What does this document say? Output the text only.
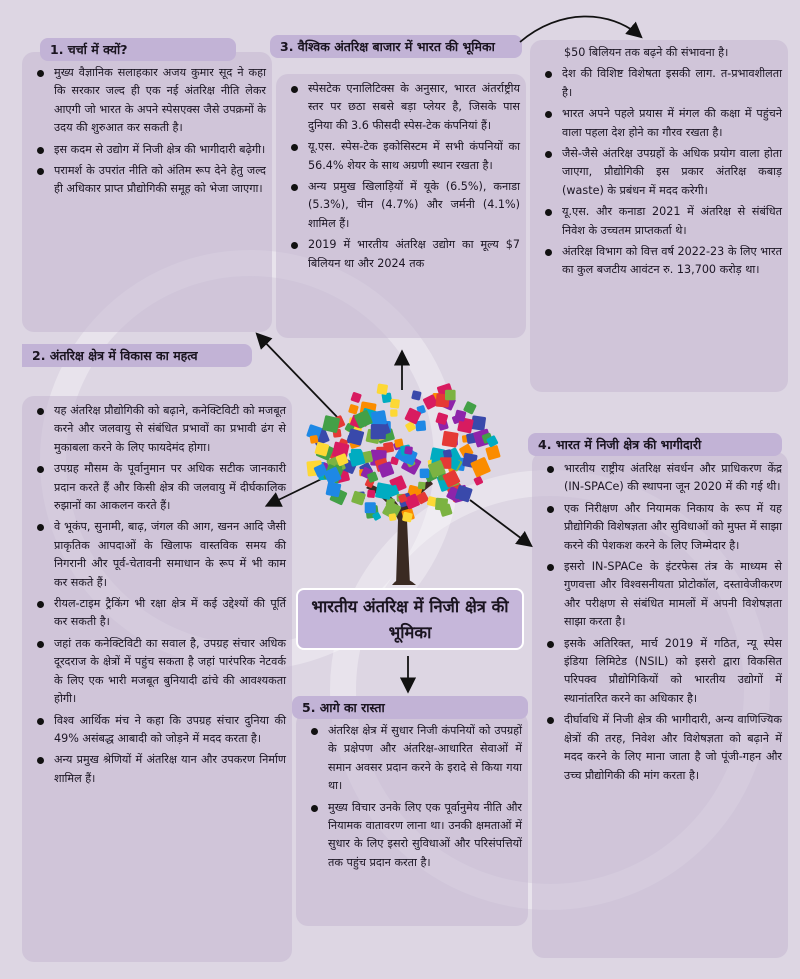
मुख्य वैज्ञानिक सलाहकार अजय कुमार सूद ने कहा कि सरकार जल्द ही एक नई अंतरिक्ष नीति लेकर आएगी जो भारत के अपने स्पेसएक्स जैसे उपक्रमों के उदय की शुरुआत कर सकती है।
इस कदम से उद्योग में निजी क्षेत्र की भागीदारी बढ़ेगी।
परामर्श के उपरांत नीति को अंतिम रूप देने हेतु जल्द ही अधिकार प्राप्त प्रौद्योगिकी समूह को भेजा जाएगा।
1. चर्चा में क्यों?
यह अंतरिक्ष प्रौद्योगिकी को बढ़ाने, कनेक्टिविटी को मजबूत करने और जलवायु से संबंधित प्रभावों का प्रभावी ढंग से मुकाबला करने के लिए फायदेमंद होगा।
उपग्रह मौसम के पूर्वानुमान पर अधिक सटीक जानकारी प्रदान करते हैं और किसी क्षेत्र की जलवायु में दीर्घकालिक रुझानों का आकलन करते हैं।
वे भूकंप, सुनामी, बाढ़, जंगल की आग, खनन आदि जैसी प्राकृतिक आपदाओं के खिलाफ वास्तविक समय की निगरानी और पूर्व-चेतावनी समाधान के रूप में भी काम कर सकते हैं।
रीयल-टाइम ट्रैकिंग भी रक्षा क्षेत्र में कई उद्देश्यों की पूर्ति कर सकती है।
जहां तक कनेक्टिविटी का सवाल है, उपग्रह संचार अधिक दूरदराज के क्षेत्रों में पहुंच सकता है जहां पारंपरिक नेटवर्क के लिए एक भारी मजबूत बुनियादी ढांचे की आवश्यकता होगी।
विश्व आर्थिक मंच ने कहा कि उपग्रह संचार दुनिया की 49% असंबद्ध आबादी को जोड़ने में मदद करता है।
अन्य प्रमुख श्रेणियों में अंतरिक्ष यान और उपकरण निर्माण शामिल हैं।
2. अंतरिक्ष क्षेत्र में विकास का महत्व
स्पेसटेक एनालिटिक्स के अनुसार, भारत अंतर्राष्ट्रीय स्तर पर छठा सबसे बड़ा प्लेयर है, जिसके पास दुनिया की 3.6 फीसदी स्पेस-टेक कंपनियां हैं।
यू.एस. स्पेस-टेक इकोसिस्टम में सभी कंपनियों का 56.4% शेयर के साथ अग्रणी स्थान रखता है।
अन्य प्रमुख खिलाड़ियों में यूके (6.5%), कनाडा (5.3%), चीन (4.7%) और जर्मनी (4.1%) शामिल हैं।
2019 में भारतीय अंतरिक्ष उद्योग का मूल्य $7 बिलियन था और 2024 तक
3. वैश्विक अंतरिक्ष बाजार में भारत की भूमिका	$50 बिलियन तक बढ़ने की संभावना है।

देश की विशिष्ट विशेषता इसकी लाग. त-प्रभावशीलता है।
भारत अपने पहले प्रयास में मंगल की कक्षा में पहुंचने वाला पहला देश होने का गौरव रखता है।
जैसे-जैसे अंतरिक्ष उपग्रहों के अधिक प्रयोग वाला होता जाएगा, प्रौद्योगिकी इस प्रकार अंतरिक्ष कबाड़ (waste) के प्रबंधन में मदद करेगी।
यू.एस. और कनाडा 2021 में अंतरिक्ष से संबंधित निवेश के उच्चतम प्राप्तकर्ता थे।
अंतरिक्ष विभाग को वित्त वर्ष 2022-23 के लिए भारत का कुल बजटीय आवंटन रु. 13,700 करोड़ था।
भारतीय राष्ट्रीय अंतरिक्ष संवर्धन और प्राधिकरण केंद्र (IN-SPACe) की स्थापना जून 2020 में की गई थी।
एक निरीक्षण और नियामक निकाय के रूप में यह प्रौद्योगिकी विशेषज्ञता और सुविधाओं को मुफ्त में साझा करने की पेशकश करने के लिए जिम्मेदार है।
इसरो IN-SPACe के इंटरफेस तंत्र के माध्यम से गुणवत्ता और विश्वसनीयता प्रोटोकॉल, दस्तावेजीकरण और परीक्षण से संबंधित मामलों में अपनी विशेषज्ञता साझा करता है।
इसके अतिरिक्त, मार्च 2019 में गठित, न्यू स्पेस इंडिया लिमिटेड (NSIL) को इसरो द्वारा विकसित परिपक्व प्रौद्योगिकियों को भारतीय उद्योगों में स्थानांतरित करने का अधिकार है।
दीर्घावधि में निजी क्षेत्र की भागीदारी, अन्य वाणिज्यिक क्षेत्रों की तरह, निवेश और विशेषज्ञता को बढ़ाने में मदद करने के लिए माना जाता है जो पूंजी-गहन और उच्च प्रौद्योगिकी की मांग करता है।
4. भारत में निजी क्षेत्र की भागीदारी
अंतरिक्ष क्षेत्र में सुधार निजी कंपनियों को उपग्रहों के प्रक्षेपण और अंतरिक्ष-आधारित सेवाओं में समान अवसर प्रदान करने के इरादे से किया गया था।
मुख्य विचार उनके लिए एक पूर्वानुमेय नीति और नियामक वातावरण लाना था। उनकी क्षमताओं में सुधार के लिए इसरो सुविधाओं और परिसंपत्तियों तक पहुंच प्रदान करता है।
5. आगे का रास्ता
भारतीय अंतरिक्ष में निजी क्षेत्र की भूमिका
